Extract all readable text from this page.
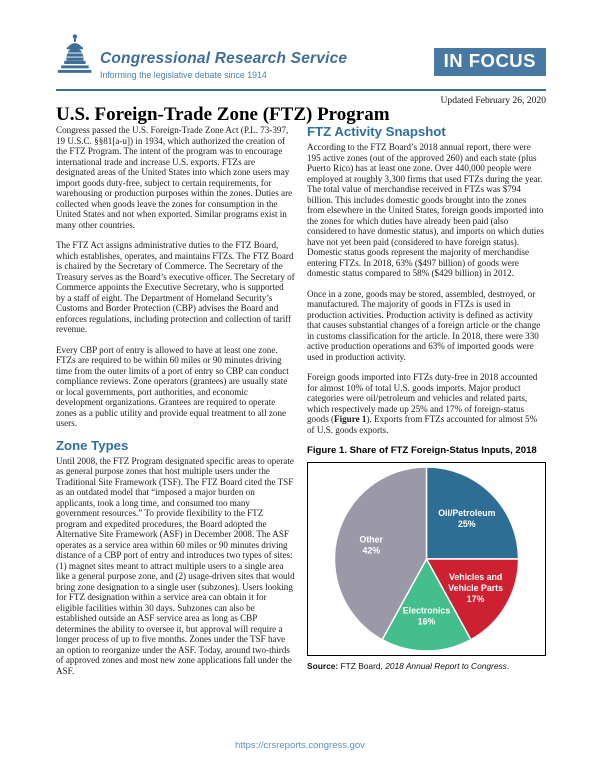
Congressional Research Service
Informing the legislative debate since 1914
IN FOCUS
Updated February 26, 2020
U.S. Foreign-Trade Zone (FTZ) Program

Congress passed the U.S. Foreign-Trade Zone Act (P.L. 73-397, 19 U.S.C. §§81[a-u]) in 1934, which authorized the creation of the FTZ Program. The intent of the program was to encourage international trade and increase U.S. exports. FTZs are designated areas of the United States into which zone users may import goods duty-free, subject to certain requirements, for warehousing or production purposes within the zones. Duties are collected when goods leave the zones for consumption in the United States and not when exported. Similar programs exist in many other countries.

The FTZ Act assigns administrative duties to the FTZ Board, which establishes, operates, and maintains FTZs. The FTZ Board is chaired by the Secretary of Commerce. The Secretary of the Treasury serves as the Board’s executive officer. The Secretary of Commerce appoints the Executive Secretary, who is supported by a staff of eight. The Department of Homeland Security’s Customs and Border Protection (CBP) advises the Board and enforces regulations, including protection and collection of tariff revenue.

Every CBP port of entry is allowed to have at least one zone. FTZs are required to be within 60 miles or 90 minutes driving time from the outer limits of a port of entry so CBP can conduct compliance reviews. Zone operators (grantees) are usually state or local governments, port authorities, and economic development organizations. Grantees are required to operate zones as a public utility and provide equal treatment to all zone users.

Zone Types

Until 2008, the FTZ Program designated specific areas to operate as general purpose zones that host multiple users under the Traditional Site Framework (TSF). The FTZ Board cited the TSF as an outdated model that “imposed a major burden on applicants, took a long time, and consumed too many government resources.” To provide flexibility to the FTZ program and expedited procedures, the Board adopted the Alternative Site Framework (ASF) in December 2008. The ASF operates as a service area within 60 miles or 90 minutes driving distance of a CBP port of entry and introduces two types of sites: (1) magnet sites meant to attract multiple users to a single area like a general purpose zone, and (2) usage-driven sites that would bring zone designation to a single user (subzones). Users looking for FTZ designation within a service area can obtain it for eligible facilities within 30 days. Subzones can also be established outside an ASF service area as long as CBP determines the ability to oversee it, but approval will require a longer process of up to five months. Zones under the TSF have an option to reorganize under the ASF. Today, around two-thirds of approved zones and most new zone applications fall under the ASF.

FTZ Activity Snapshot

According to the FTZ Board’s 2018 annual report, there were 195 active zones (out of the approved 260) and each state (plus Puerto Rico) has at least one zone. Over 440,000 people were employed at roughly 3,300 firms that used FTZs during the year. The total value of merchandise received in FTZs was $794 billion. This includes domestic goods brought into the zones from elsewhere in the United States, foreign goods imported into the zones for which duties have already been paid (also considered to have domestic status), and imports on which duties have not yet been paid (considered to have foreign status). Domestic status goods represent the majority of merchandise entering FTZs. In 2018, 63% ($497 billion) of goods were domestic status compared to 58% ($429 billion) in 2012.

Once in a zone, goods may be stored, assembled, destroyed, or manufactured. The majority of goods in FTZs is used in production activities. Production activity is defined as activity that causes substantial changes of a foreign article or the change in customs classification for the article. In 2018, there were 330 active production operations and 63% of imported goods were used in production activity.

Foreign goods imported into FTZs duty-free in 2018 accounted for almost 10% of total U.S. goods imports. Major product categories were oil/petroleum and vehicles and related parts, which respectively made up 25% and 17% of foreign-status goods (Figure 1). Exports from FTZs accounted for almost 5% of U.S. goods exports.

Figure 1. Share of FTZ Foreign-Status Inputs, 2018
Oil/Petroleum 25%
Vehicles and Vehicle Parts 17%
Electronics 16%
Other 42%
Source: FTZ Board, 2018 Annual Report to Congress.
https://crsreports.congress.gov
